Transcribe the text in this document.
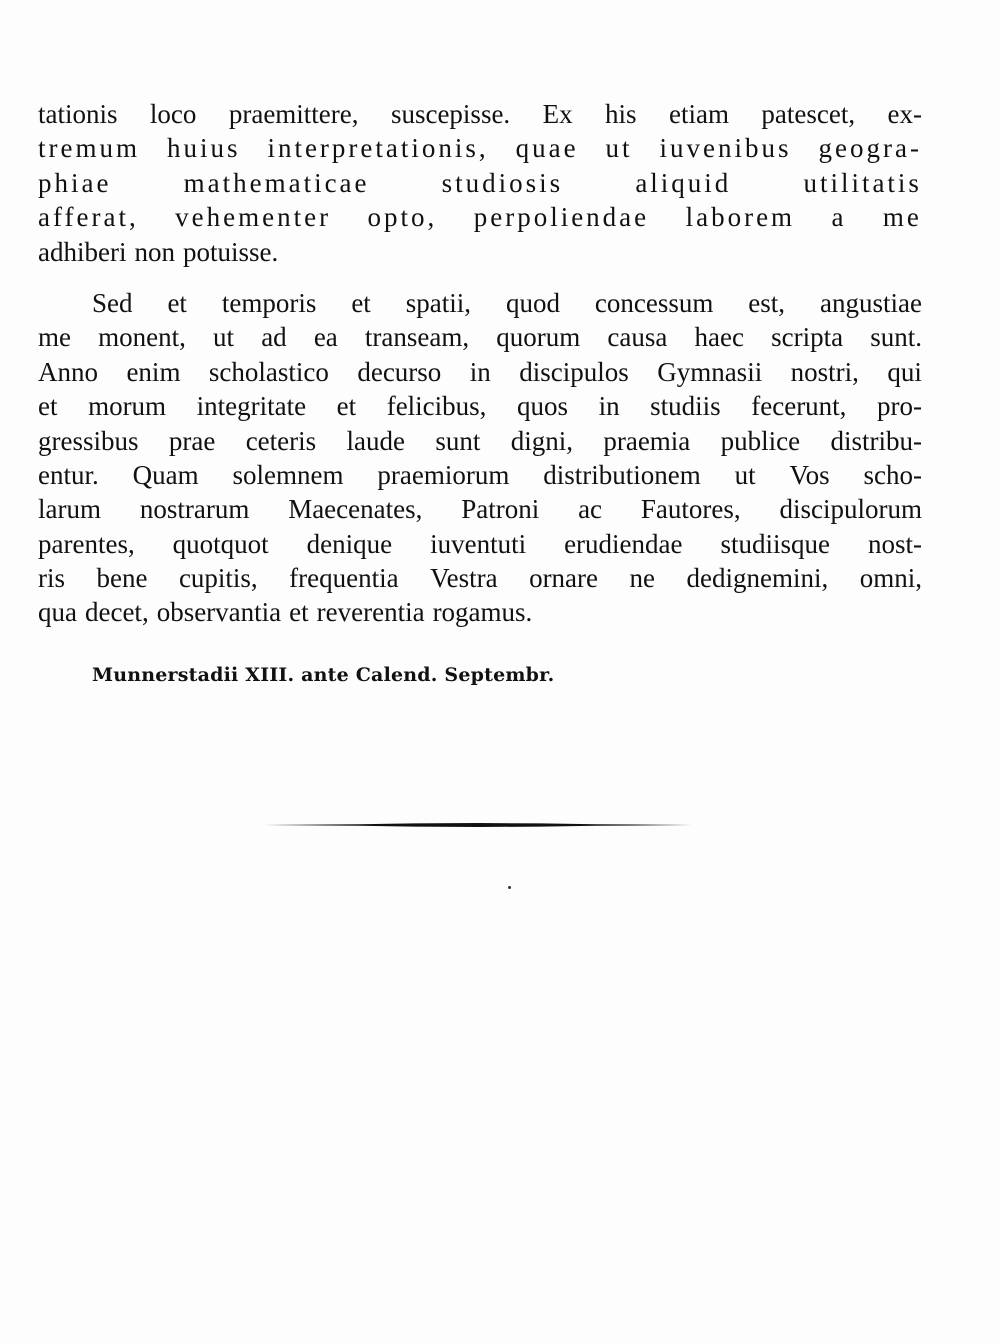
tationis loco praemittere, suscepisse. Ex his etiam patescet, ex-
tremum huius interpretationis, quae ut iuvenibus geogra-
phiae	mathematicae	studiosis	aliquid	utilitatis
afferat, vehementer opto, perpoliendae laborem a me
adhiberi non potuisse.
Sed et temporis et spatii, quod concessum est, angustiae
me monent, ut ad ea transeam, quorum causa haec scripta sunt.
Anno enim scholastico decurso in discipulos Gymnasii nostri, qui
et morum integritate et felicibus, quos in studiis fecerunt, pro-
gressibus prae ceteris laude sunt digni, praemia publice distribu-
entur. Quam solemnem praemiorum distributionem ut Vos scho-
larum nostrarum Maecenates, Patroni ac Fautores, discipulorum
parentes, quotquot denique iuventuti erudiendae studiisque nost-
ris bene cupitis, frequentia Vestra ornare ne dedignemini, omni,
qua decet, observantia et reverentia rogamus.
Munnerstadii XIII. ante Calend. Septembr.
